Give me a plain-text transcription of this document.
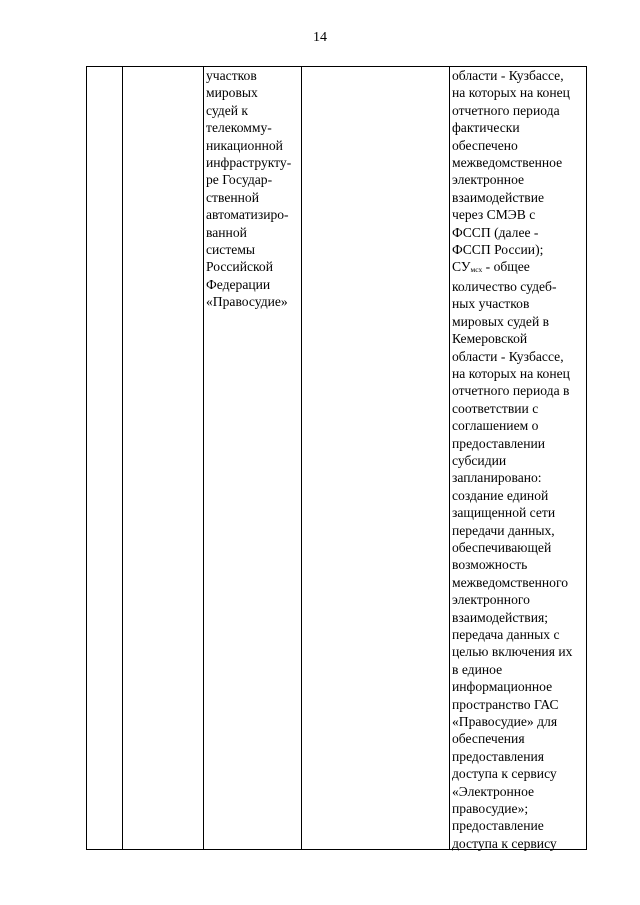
14
участков
мировых
судей к
телекомму-
никационной
инфраструкту-
ре Государ-
ственной
автоматизиро-
ванной
системы
Российской
Федерации
«Правосудие»
области - Кузбассе,
на которых на конец
отчетного периода
фактически
обеспечено
межведомственное
электронное
взаимодействие
через СМЭВ с
ФССП (далее -
ФССП России);
$СУ_{мсх}$ - общее
количество судеб-
ных участков
мировых судей в
Кемеровской
области - Кузбассе,
на которых на конец
отчетного периода в
соответствии с
соглашением о
предоставлении
субсидии
запланировано:
создание единой
защищенной сети
передачи данных,
обеспечивающей
возможность
межведомственного
электронного
взаимодействия;
передача данных с
целью включения их
в единое
информационное
пространство ГАС
«Правосудие» для
обеспечения
предоставления
доступа к сервису
«Электронное
правосудие»;
предоставление
доступа к сервису
